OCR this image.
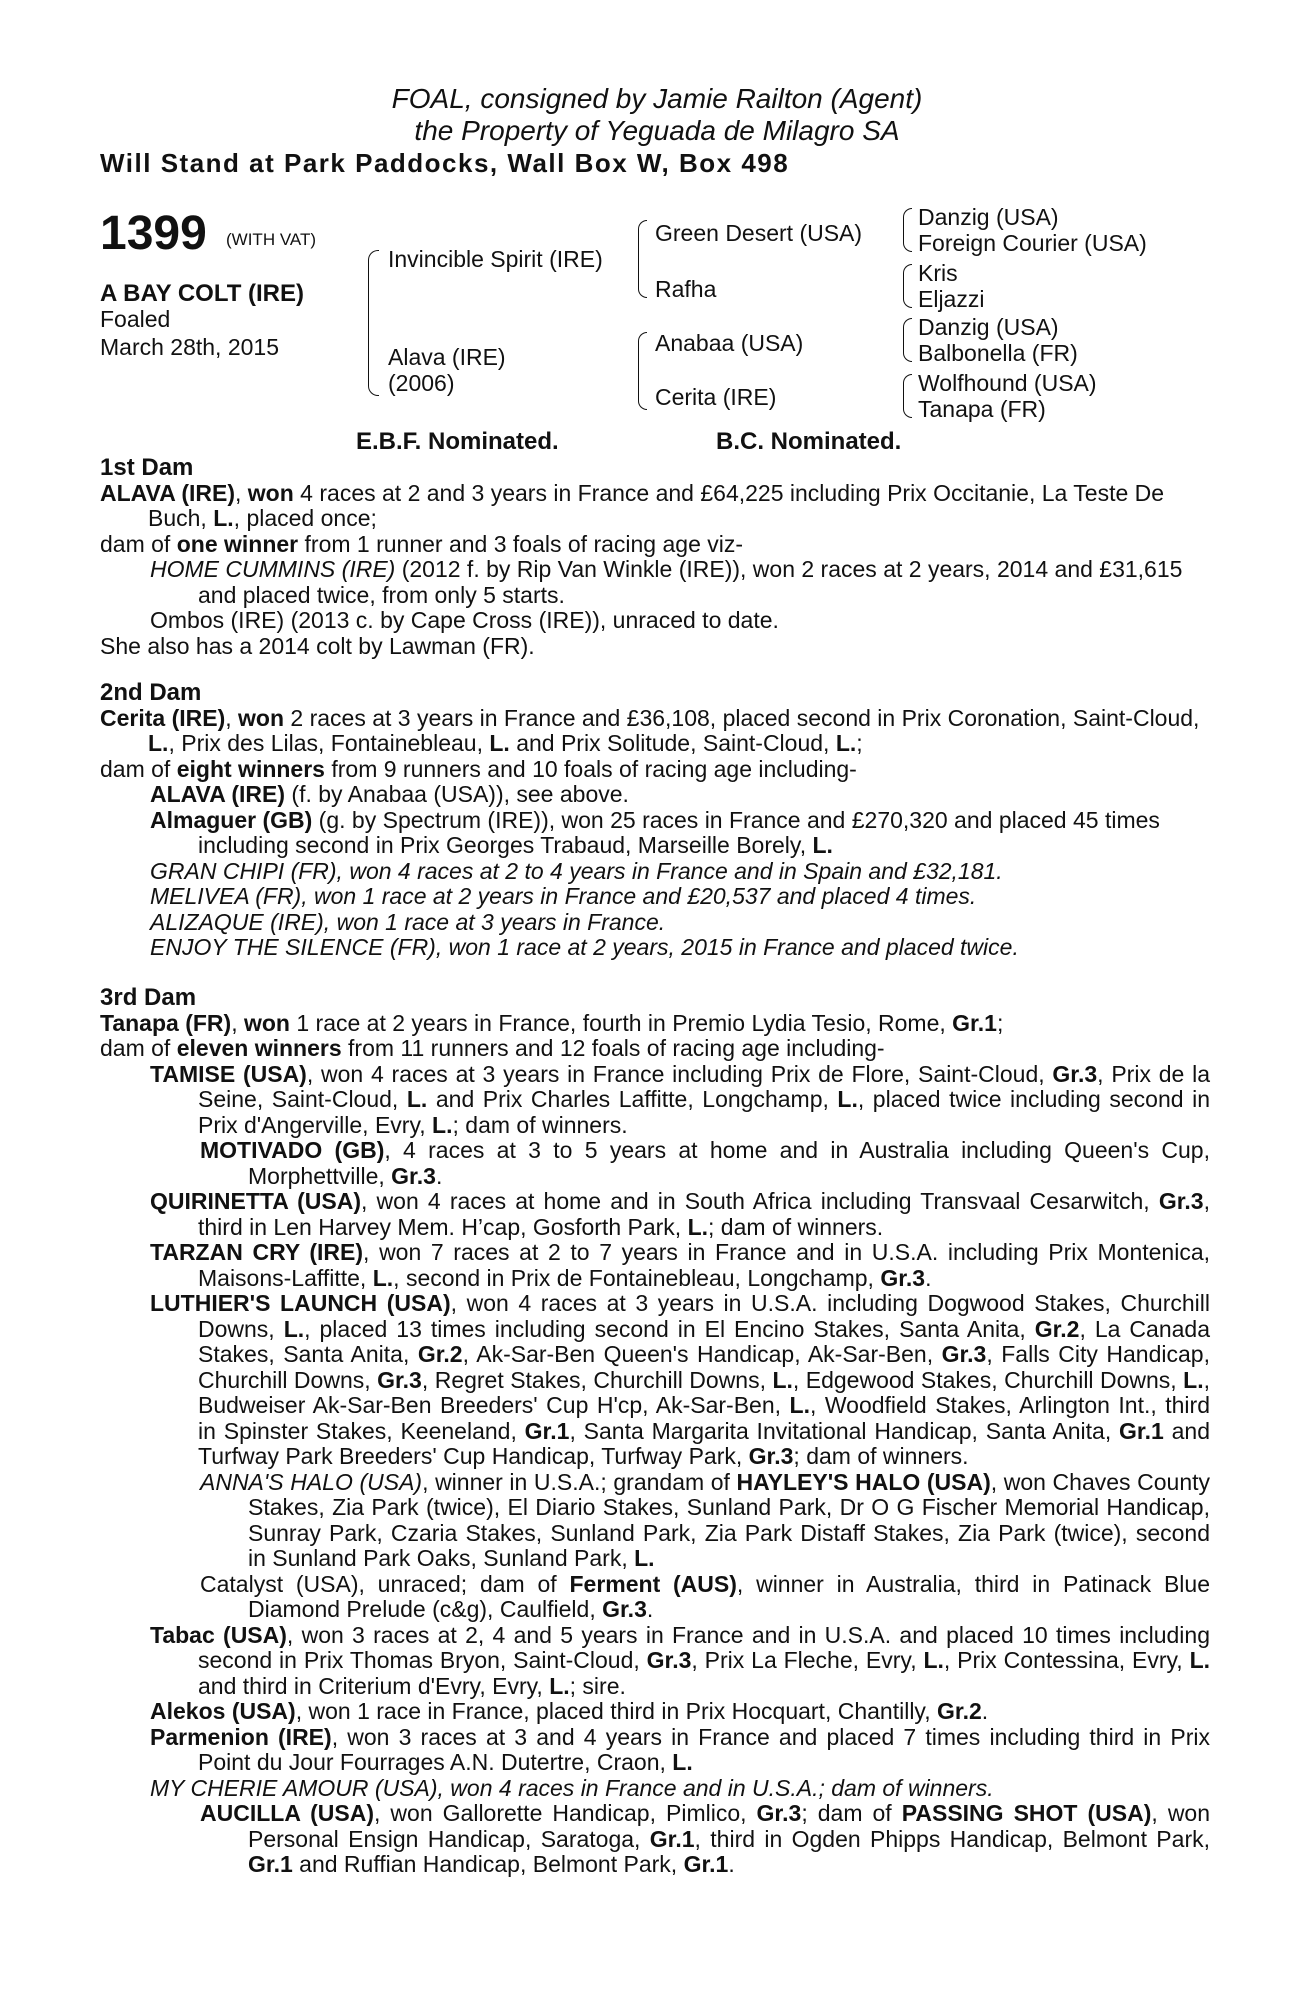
FOAL, consigned by Jamie Railton (Agent)
the Property of Yeguada de Milagro SA
Will Stand at Park Paddocks, Wall Box W, Box 498
1399 (WITH VAT)
A BAY COLT (IRE)
Foaled
March 28th, 2015
Invincible Spirit (IRE)
Alava (IRE)
(2006)
Green Desert (USA)
Rafha
Anabaa (USA)
Cerita (IRE)
Danzig (USA)
Foreign Courier (USA)
Kris
Eljazzi
Danzig (USA)
Balbonella (FR)
Wolfhound (USA)
Tanapa (FR)
E.B.F. Nominated.	B.C. Nominated.
1st Dam

ALAVA (IRE), won 4 races at 2 and 3 years in France and £64,225 including Prix Occitanie, La Teste De Buch, L., placed once;

dam of one winner from 1 runner and 3 foals of racing age viz-

HOME CUMMINS (IRE) (2012 f. by Rip Van Winkle (IRE)), won 2 races at 2 years, 2014 and £31,615 and placed twice, from only 5 starts.

Ombos (IRE) (2013 c. by Cape Cross (IRE)), unraced to date.

She also has a 2014 colt by Lawman (FR).

2nd Dam

Cerita (IRE), won 2 races at 3 years in France and £36,108, placed second in Prix Coronation, Saint-Cloud, L., Prix des Lilas, Fontainebleau, L. and Prix Solitude, Saint-Cloud, L.;

dam of eight winners from 9 runners and 10 foals of racing age including-

ALAVA (IRE) (f. by Anabaa (USA)), see above.

Almaguer (GB) (g. by Spectrum (IRE)), won 25 races in France and £270,320 and placed 45 times including second in Prix Georges Trabaud, Marseille Borely, L.

GRAN CHIPI (FR), won 4 races at 2 to 4 years in France and in Spain and £32,181.

MELIVEA (FR), won 1 race at 2 years in France and £20,537 and placed 4 times.

ALIZAQUE (IRE), won 1 race at 3 years in France.

ENJOY THE SILENCE (FR), won 1 race at 2 years, 2015 in France and placed twice.

3rd Dam

Tanapa (FR), won 1 race at 2 years in France, fourth in Premio Lydia Tesio, Rome, Gr.1;

dam of eleven winners from 11 runners and 12 foals of racing age including-

TAMISE (USA), won 4 races at 3 years in France including Prix de Flore, Saint-Cloud, Gr.3, Prix de la Seine, Saint-Cloud, L. and Prix Charles Laffitte, Longchamp, L., placed twice including second in Prix d'Angerville, Evry, L.; dam of winners.

MOTIVADO (GB), 4 races at 3 to 5 years at home and in Australia including Queen's Cup, Morphettville, Gr.3.

QUIRINETTA (USA), won 4 races at home and in South Africa including Transvaal Cesarwitch, Gr.3, third in Len Harvey Mem. H’cap, Gosforth Park, L.; dam of winners.

TARZAN CRY (IRE), won 7 races at 2 to 7 years in France and in U.S.A. including Prix Montenica, Maisons-Laffitte, L., second in Prix de Fontainebleau, Longchamp, Gr.3.

LUTHIER'S LAUNCH (USA), won 4 races at 3 years in U.S.A. including Dogwood Stakes, Churchill Downs, L., placed 13 times including second in El Encino Stakes, Santa Anita, Gr.2, La Canada Stakes, Santa Anita, Gr.2, Ak-Sar-Ben Queen's Handicap, Ak-Sar-Ben, Gr.3, Falls City Handicap, Churchill Downs, Gr.3, Regret Stakes, Churchill Downs, L., Edgewood Stakes, Churchill Downs, L., Budweiser Ak-Sar-Ben Breeders' Cup H'cp, Ak-Sar-Ben, L., Woodfield Stakes, Arlington Int., third in Spinster Stakes, Keeneland, Gr.1, Santa Margarita Invitational Handicap, Santa Anita, Gr.1 and Turfway Park Breeders' Cup Handicap, Turfway Park, Gr.3; dam of winners.

ANNA'S HALO (USA), winner in U.S.A.; grandam of HAYLEY'S HALO (USA), won Chaves County Stakes, Zia Park (twice), El Diario Stakes, Sunland Park, Dr O G Fischer Memorial Handicap, Sunray Park, Czaria Stakes, Sunland Park, Zia Park Distaff Stakes, Zia Park (twice), second in Sunland Park Oaks, Sunland Park, L.

Catalyst (USA), unraced; dam of Ferment (AUS), winner in Australia, third in Patinack Blue Diamond Prelude (c&g), Caulfield, Gr.3.

Tabac (USA), won 3 races at 2, 4 and 5 years in France and in U.S.A. and placed 10 times including second in Prix Thomas Bryon, Saint-Cloud, Gr.3, Prix La Fleche, Evry, L., Prix Contessina, Evry, L. and third in Criterium d'Evry, Evry, L.; sire.

Alekos (USA), won 1 race in France, placed third in Prix Hocquart, Chantilly, Gr.2.

Parmenion (IRE), won 3 races at 3 and 4 years in France and placed 7 times including third in Prix Point du Jour Fourrages A.N. Dutertre, Craon, L.

MY CHERIE AMOUR (USA), won 4 races in France and in U.S.A.; dam of winners.

AUCILLA (USA), won Gallorette Handicap, Pimlico, Gr.3; dam of PASSING SHOT (USA), won Personal Ensign Handicap, Saratoga, Gr.1, third in Ogden Phipps Handicap, Belmont Park, Gr.1 and Ruffian Handicap, Belmont Park, Gr.1.
